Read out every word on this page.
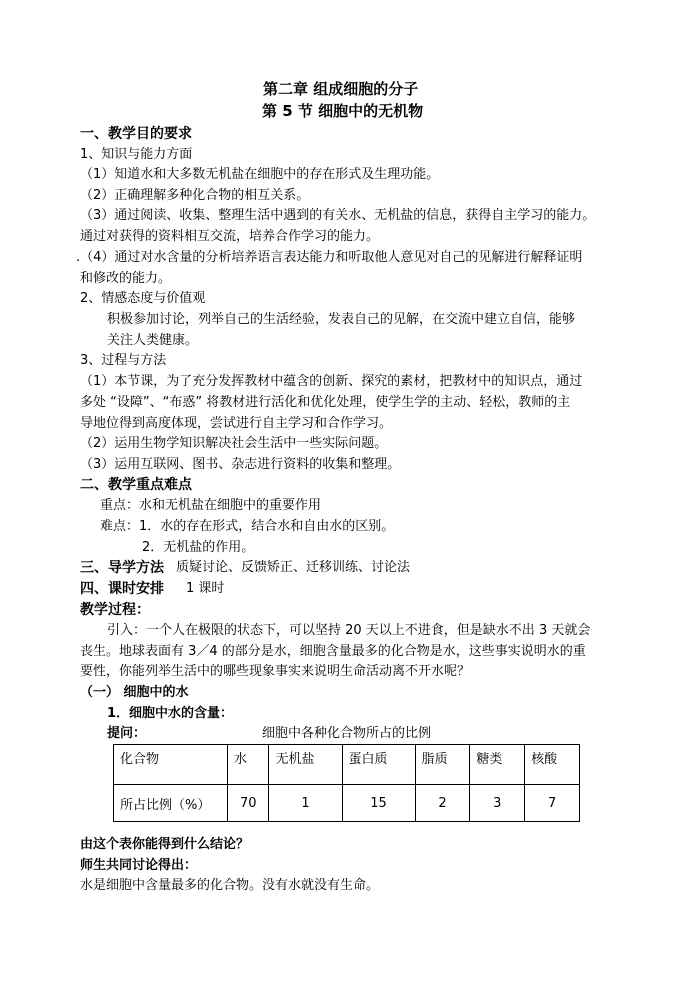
第二章 组成细胞的分子
第 5 节 细胞中的无机物
一、教学目的要求
1、知识与能力方面
（1）知道水和大多数无机盐在细胞中的存在形式及生理功能。
（2）正确理解多种化合物的相互关系。
（3）通过阅读、收集、整理生活中遇到的有关水、无机盐的信息，获得自主学习的能力。
通过对获得的资料相互交流，培养合作学习的能力。
.（4）通过对水含量的分析培养语言表达能力和听取他人意见对自己的见解进行解释证明
和修改的能力。
2、情感态度与价值观
积极参加讨论，列举自己的生活经验，发表自己的见解，在交流中建立自信，能够
关注人类健康。
3、过程与方法
（1）本节课，为了充分发挥教材中蕴含的创新、探究的素材，把教材中的知识点，通过
多处 “设障”、“布惑” 将教材进行活化和优化处理，使学生学的主动、轻松，教师的主
导地位得到高度体现，尝试进行自主学习和合作学习。
（2）运用生物学知识解决社会生活中一些实际问题。
（3）运用互联网、图书、杂志进行资料的收集和整理。
二、教学重点难点
重点：水和无机盐在细胞中的重要作用
难点：1．水的存在形式，结合水和自由水的区别。
2．无机盐的作用。
三、导学方法 质疑讨论、反馈矫正、迁移训练、讨论法
四、课时安排 1 课时
教学过程：
引入：一个人在极限的状态下，可以坚持 20 天以上不进食，但是缺水不出 3 天就会
丧生。地球表面有 3／4 的部分是水，细胞含量最多的化合物是水，这些事实说明水的重
要性，你能列举生活中的哪些现象事实来说明生命活动离不开水呢？
（一） 细胞中的水
1．细胞中水的含量：
提问：	细胞中各种化合物所占的比例
化合物	水	无机盐	蛋白质	脂质	糖类	核酸
所占比例（%）	70	1	15	2	3	7
由这个表你能得到什么结论？
师生共同讨论得出：
水是细胞中含量最多的化合物。没有水就没有生命。
